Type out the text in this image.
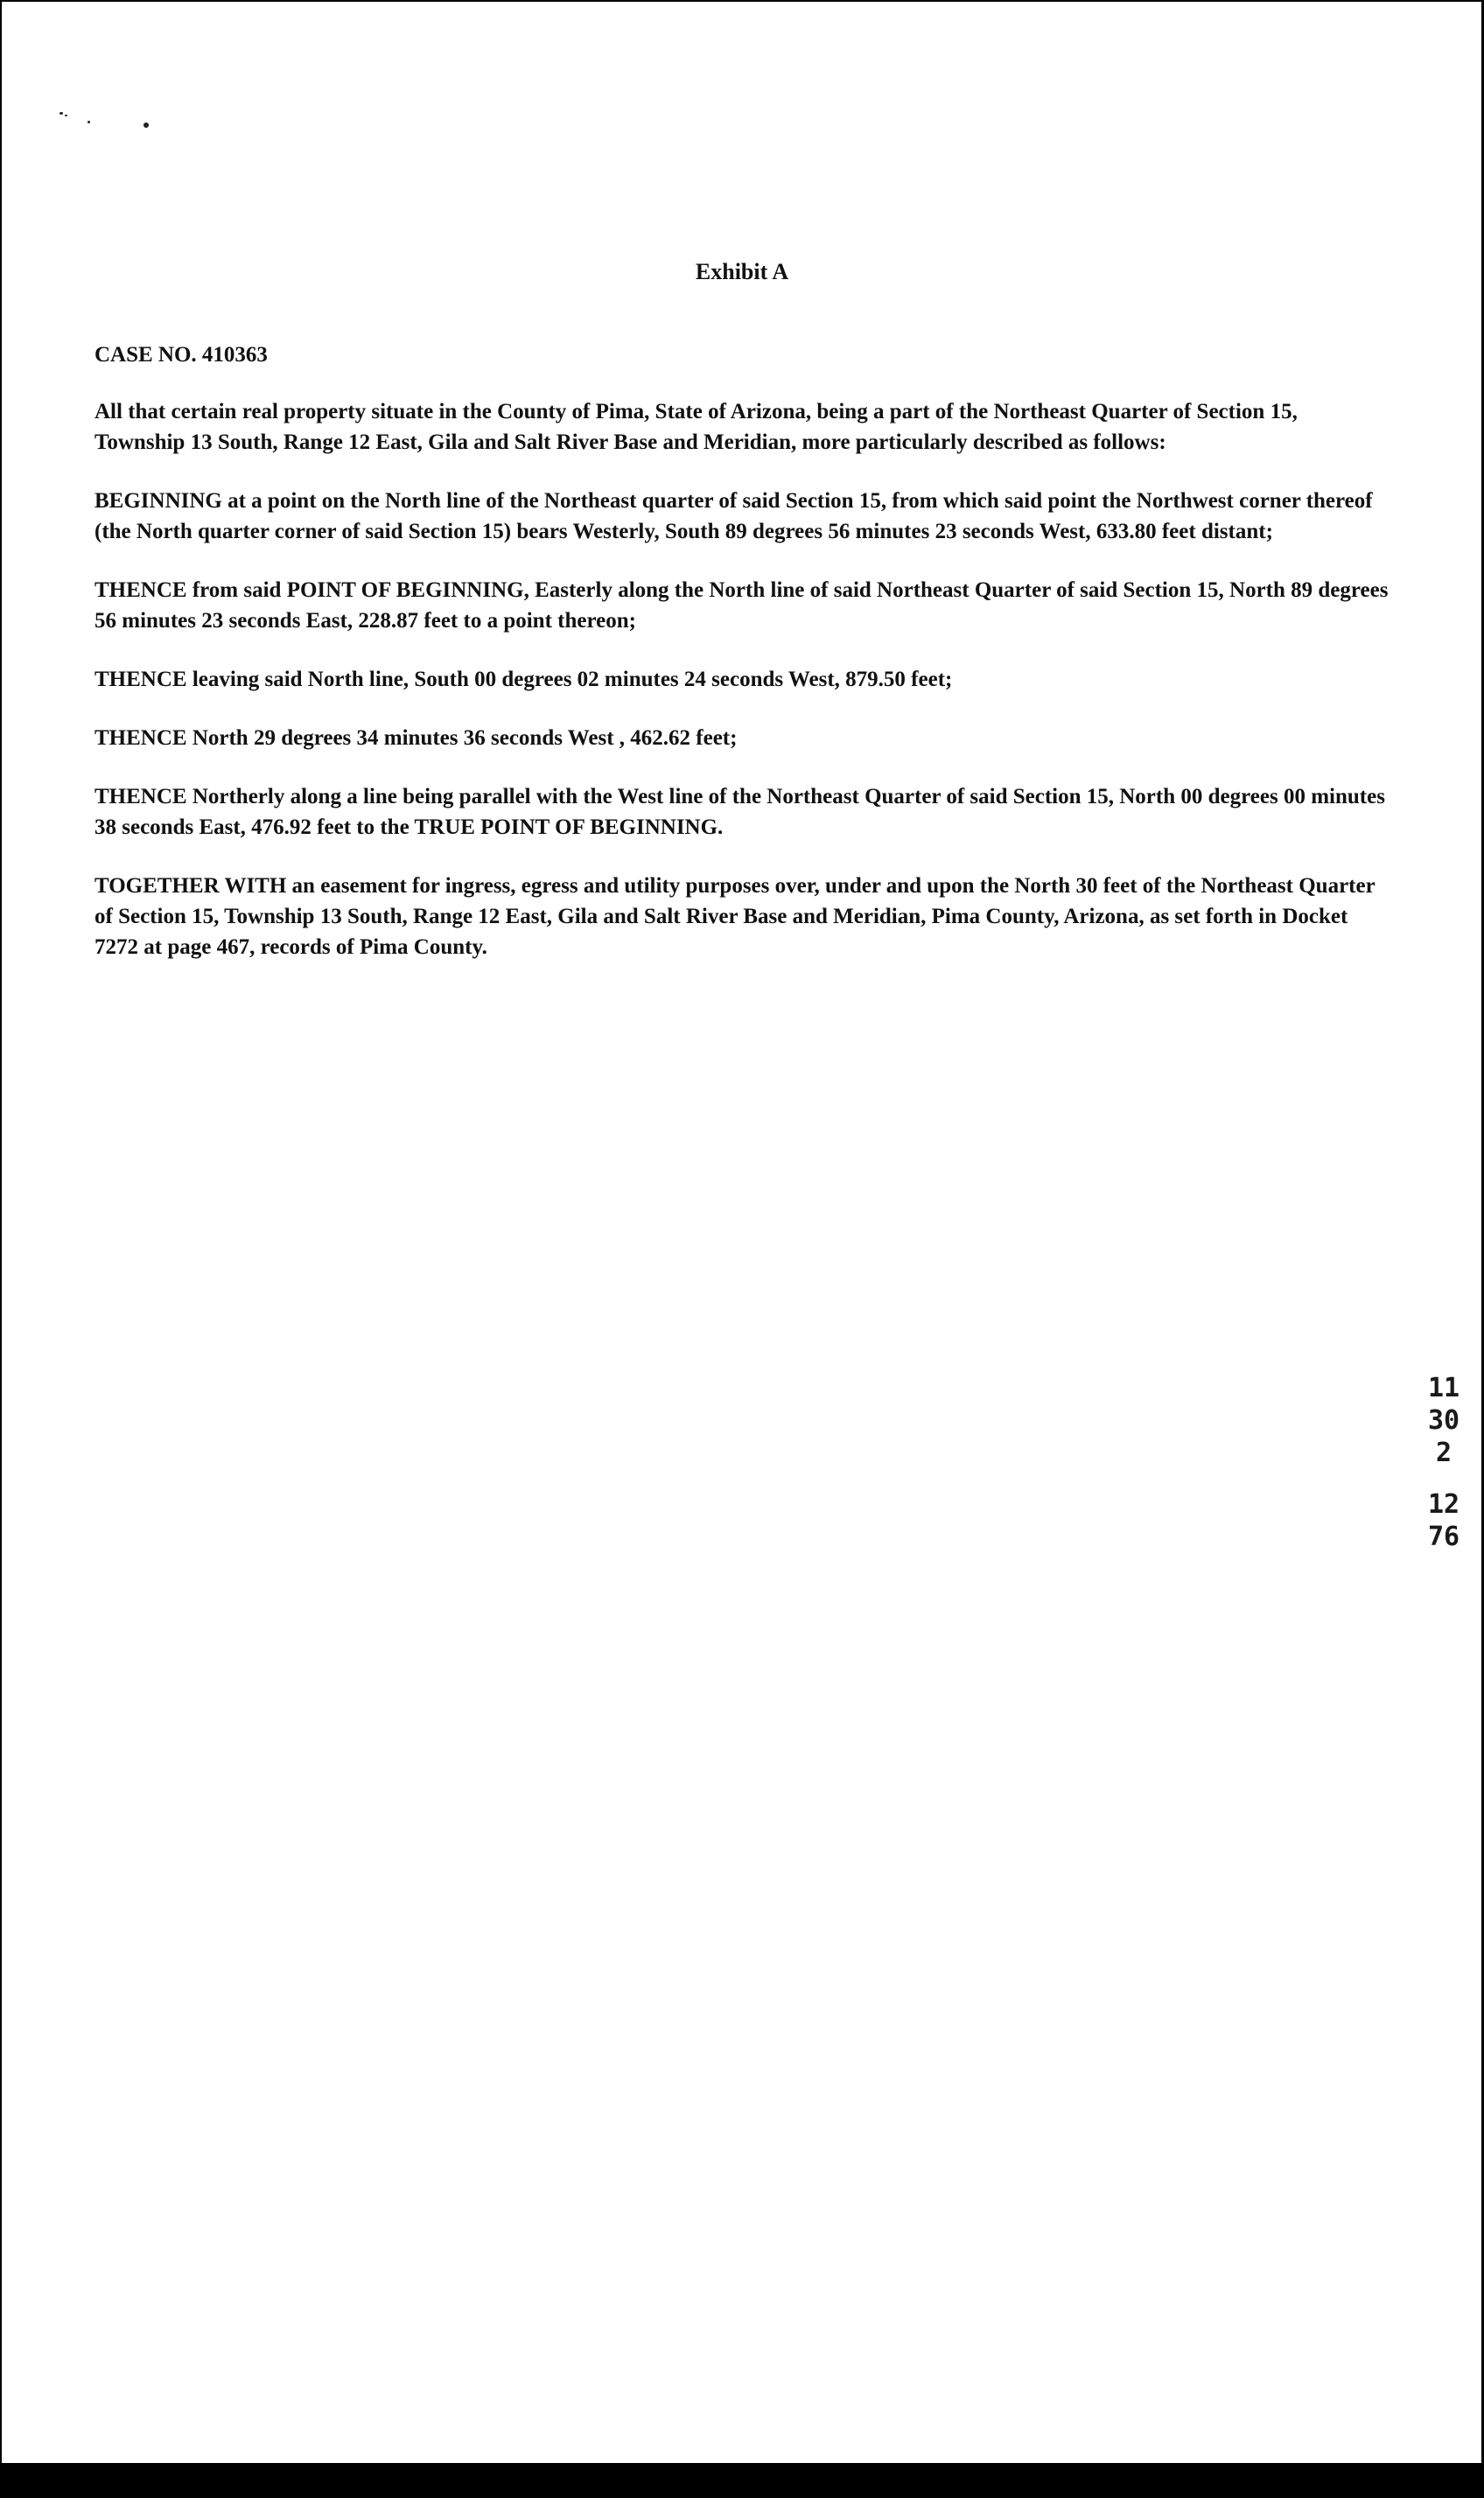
Exhibit A
CASE NO. 410363

All that certain real property situate in the County of Pima, State of Arizona, being a part of the Northeast Quarter of Section 15, Township 13 South, Range 12 East, Gila and Salt River Base and Meridian, more particularly described as follows:

BEGINNING at a point on the North line of the Northeast quarter of said Section 15, from which said point the Northwest corner thereof (the North quarter corner of said Section 15) bears Westerly, South 89 degrees 56 minutes 23 seconds West, 633.80 feet distant;

THENCE from said POINT OF BEGINNING, Easterly along the North line of said Northeast Quarter of said Section 15, North 89 degrees 56 minutes 23 seconds East, 228.87 feet to a point thereon;

THENCE leaving said North line, South 00 degrees 02 minutes 24 seconds West, 879.50 feet;

THENCE North 29 degrees 34 minutes 36 seconds West , 462.62 feet;

THENCE Northerly along a line being parallel with the West line of the Northeast Quarter of said Section 15, North 00 degrees 00 minutes 38 seconds East, 476.92 feet to the TRUE POINT OF BEGINNING.

TOGETHER WITH an easement for ingress, egress and utility purposes over, under and upon the North 30 feet of the Northeast Quarter of Section 15, Township 13 South, Range 12 East, Gila and Salt River Base and Meridian, Pima County, Arizona, as set forth in Docket 7272 at page 467, records of Pima County.

11302
1276
